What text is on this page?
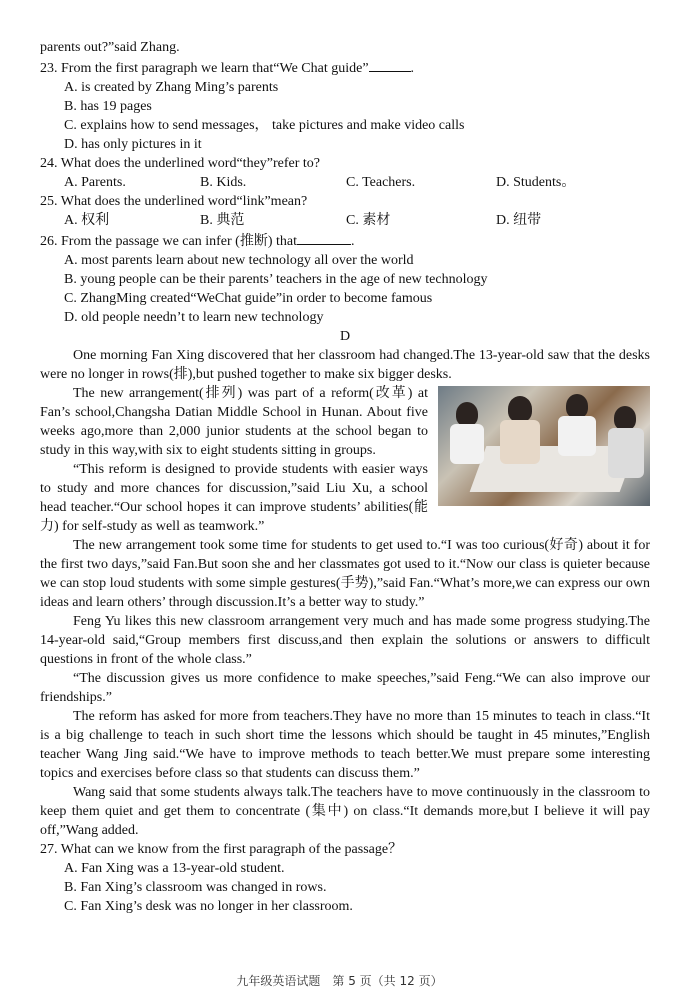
parents out?”said Zhang.
23. From the first paragraph we learn that“We Chat guide”	.
A. is created by Zhang Ming’s parents
B. has 19 pages
C. explains how to send messages， take pictures and make video calls
D. has only pictures in it
24. What does the underlined word“they”refer to?
A. Parents.	B. Kids.	C. Teachers.	D. Students。
25. What does the underlined word“link”mean?
A. 权利	B. 典范	C. 素材	D. 纽带
26. From the passage we can infer (推断) that	.
A. most parents learn about new technology all over the world
B. young people can be their parents’ teachers in the age of new technology
C. ZhangMing created“WeChat guide”in order to become famous
D. old people needn’t to learn new technology
D
One morning Fan Xing discovered that her classroom had changed.The 13-year-old saw that the desks were no longer in rows(排),but pushed together to make six bigger desks.
The new arrangement(排列) was part of a reform(改革) at Fan’s school,Changsha Datian Middle School in Hunan. About five weeks ago,more than 2,000 junior students at the school began to study in this way,with six to eight students sitting in groups.
“This reform is designed to provide students with easier ways to study and more chances for discussion,”said Liu Xu, a school head teacher.“Our school hopes it can improve students’ abilities(能力) for self-study as well as teamwork.”
The new arrangement took some time for students to get used to.“I was too curious(好奇) about it for the first two days,”said Fan.But soon she and her classmates got used to it.“Now our class is quieter because we can stop loud students with some simple gestures(手势),”said Fan.“What’s more,we can express our own ideas and learn others’ through discussion.It’s a better way to study.”
Feng Yu likes this new classroom arrangement very much and has made some progress studying.The 14-year-old said,“Group members first discuss,and then explain the solutions or answers to difficult questions in front of the whole class.”
“The discussion gives us more confidence to make speeches,”said Feng.“We can also improve our friendships.”
The reform has asked for more from teachers.They have no more than 15 minutes to teach in class.“It is a big challenge to teach in such short time the lessons which should be taught in 45 minutes,”English teacher Wang Jing said.“We have to improve methods to teach better.We must prepare some interesting topics and exercises before class so that students can discuss them.”
Wang said that some students always talk.The teachers have to move continuously in the classroom to keep them quiet and get them to concentrate (集中) on class.“It demands more,but I believe it will pay off,”Wang added.
27. What can we know from the first paragraph of the passage？
A. Fan Xing was a 13-year-old student.
B. Fan Xing’s classroom was changed in rows.
C. Fan Xing’s desk was no longer in her classroom.
九年级英语试题　第 5 页（共 12 页）
